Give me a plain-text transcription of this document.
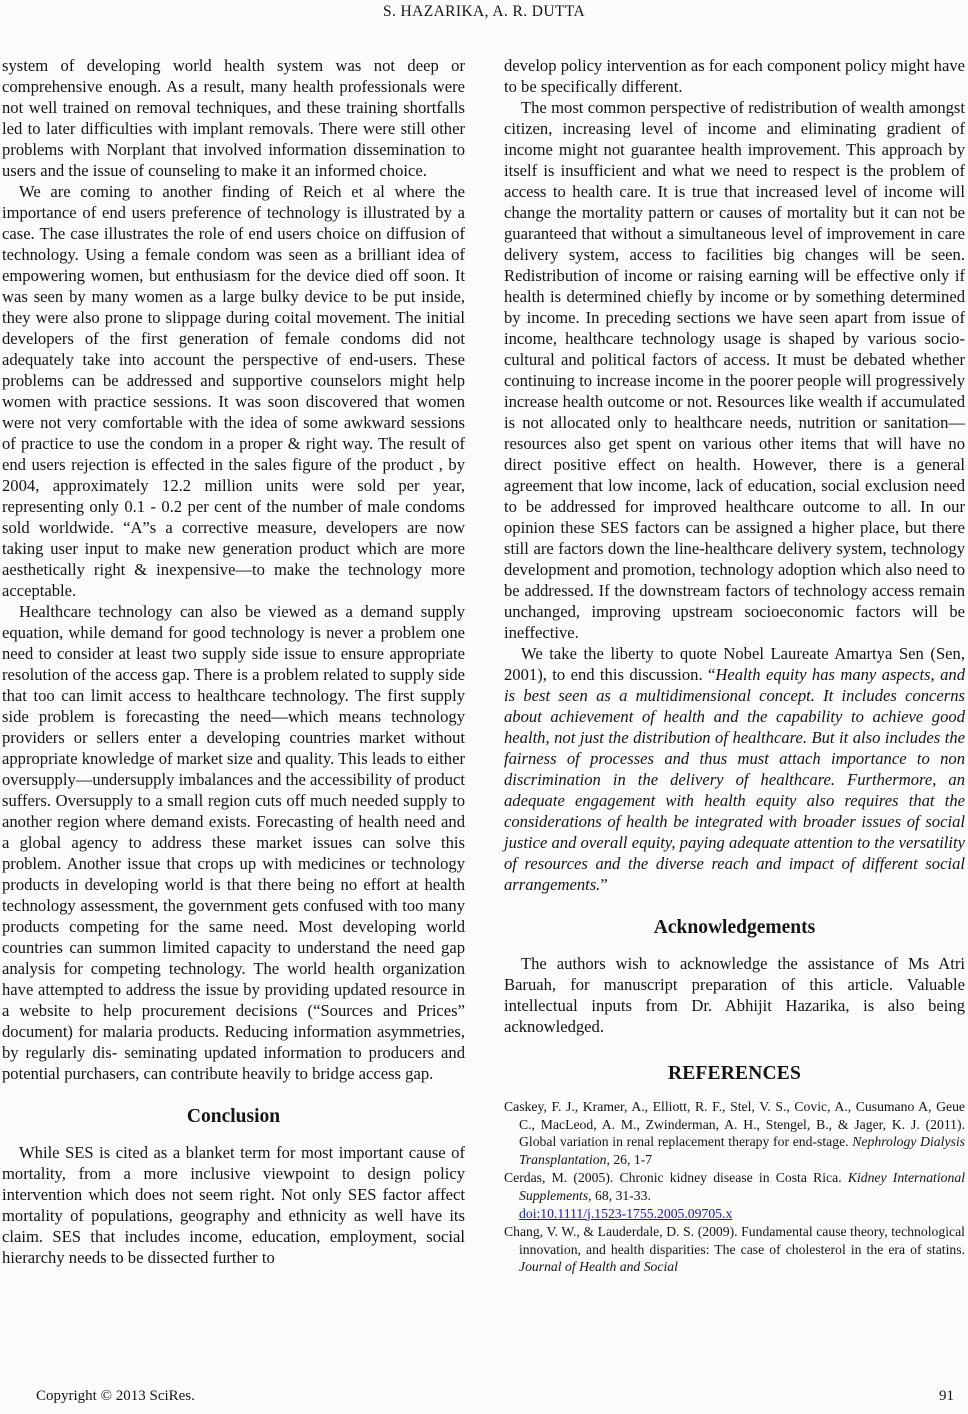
S. HAZARIKA, A. R. DUTTA

system of developing world health system was not deep or comprehensive enough. As a result, many health professionals were not well trained on removal techniques, and these training shortfalls led to later difficulties with implant removals. There were still other problems with Norplant that involved information dissemination to users and the issue of counseling to make it an informed choice.

We are coming to another finding of Reich et al where the importance of end users preference of technology is illustrated by a case. The case illustrates the role of end users choice on diffusion of technology. Using a female condom was seen as a brilliant idea of empowering women, but enthusiasm for the device died off soon. It was seen by many women as a large bulky device to be put inside, they were also prone to slippage during coital movement. The initial developers of the first generation of female condoms did not adequately take into account the perspective of end-users. These problems can be addressed and supportive counselors might help women with practice sessions. It was soon discovered that women were not very comfortable with the idea of some awkward sessions of practice to use the condom in a proper & right way. The result of end users rejection is effected in the sales figure of the product , by 2004, approximately 12.2 million units were sold per year, representing only 0.1 - 0.2 per cent of the number of male condoms sold worldwide. “A”s a corrective measure, developers are now taking user input to make new generation product which are more aesthetically right & inexpensive—to make the technology more acceptable.

Healthcare technology can also be viewed as a demand supply equation, while demand for good technology is never a problem one need to consider at least two supply side issue to ensure appropriate resolution of the access gap. There is a problem related to supply side that too can limit access to healthcare technology. The first supply side problem is forecasting the need—which means technology providers or sellers enter a developing countries market without appropriate knowledge of market size and quality. This leads to either oversupply—undersupply imbalances and the accessibility of product suffers. Oversupply to a small region cuts off much needed supply to another region where demand exists. Forecasting of health need and a global agency to address these market issues can solve this problem. Another issue that crops up with medicines or technology products in developing world is that there being no effort at health technology assessment, the government gets confused with too many products competing for the same need. Most developing world countries can summon limited capacity to understand the need gap analysis for competing technology. The world health organization have attempted to address the issue by providing updated resource in a website to help procurement decisions (“Sources and Prices” document) for malaria products. Reducing information asymmetries, by regularly dis- seminating updated information to producers and potential purchasers, can contribute heavily to bridge access gap.

Conclusion

While SES is cited as a blanket term for most important cause of mortality, from a more inclusive viewpoint to design policy intervention which does not seem right. Not only SES factor affect mortality of populations, geography and ethnicity as well have its claim. SES that includes income, education, employment, social hierarchy needs to be dissected further to

develop policy intervention as for each component policy might have to be specifically different.

The most common perspective of redistribution of wealth amongst citizen, increasing level of income and eliminating gradient of income might not guarantee health improvement. This approach by itself is insufficient and what we need to respect is the problem of access to health care. It is true that increased level of income will change the mortality pattern or causes of mortality but it can not be guaranteed that without a simultaneous level of improvement in care delivery system, access to facilities big changes will be seen. Redistribution of income or raising earning will be effective only if health is determined chiefly by income or by something determined by income. In preceding sections we have seen apart from issue of income, healthcare technology usage is shaped by various socio-cultural and political factors of access. It must be debated whether continuing to increase income in the poorer people will progressively increase health outcome or not. Resources like wealth if accumulated is not allocated only to healthcare needs, nutrition or sanitation—resources also get spent on various other items that will have no direct positive effect on health. However, there is a general agreement that low income, lack of education, social exclusion need to be addressed for improved healthcare outcome to all. In our opinion these SES factors can be assigned a higher place, but there still are factors down the line-healthcare delivery system, technology development and promotion, technology adoption which also need to be addressed. If the downstream factors of technology access remain unchanged, improving upstream socioeconomic factors will be ineffective.

We take the liberty to quote Nobel Laureate Amartya Sen (Sen, 2001), to end this discussion. “Health equity has many aspects, and is best seen as a multidimensional concept. It includes concerns about achievement of health and the capability to achieve good health, not just the distribution of healthcare. But it also includes the fairness of processes and thus must attach importance to non discrimination in the delivery of healthcare. Furthermore, an adequate engagement with health equity also requires that the considerations of health be integrated with broader issues of social justice and overall equity, paying adequate attention to the versatility of resources and the diverse reach and impact of different social arrangements.”

Acknowledgements

The authors wish to acknowledge the assistance of Ms Atri Baruah, for manuscript preparation of this article. Valuable intellectual inputs from Dr. Abhijit Hazarika, is also being acknowledged.

REFERENCES

Caskey, F. J., Kramer, A., Elliott, R. F., Stel, V. S., Covic, A., Cusumano A, Geue C., MacLeod, A. M., Zwinderman, A. H., Stengel, B., & Jager, K. J. (2011). Global variation in renal replacement therapy for end-stage. Nephrology Dialysis Transplantation, 26, 1-7

Cerdas, M. (2005). Chronic kidney disease in Costa Rica. Kidney International Supplements, 68, 31-33.
doi:10.1111/j.1523-1755.2005.09705.x

Chang, V. W., & Lauderdale, D. S. (2009). Fundamental cause theory, technological innovation, and health disparities: The case of cholesterol in the era of statins. Journal of Health and Social

Copyright © 2013 SciRes.	91
